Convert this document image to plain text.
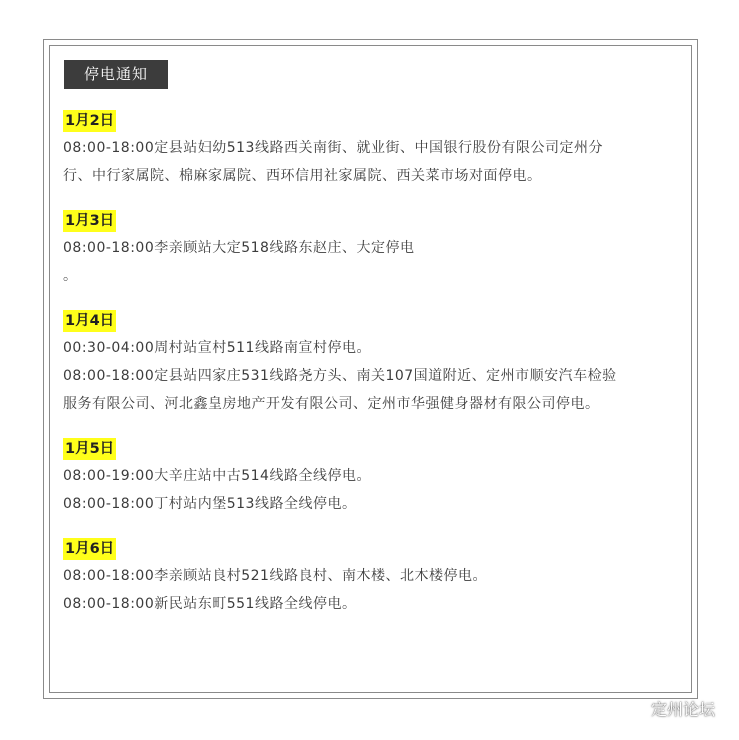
停电通知
1月2日
08:00-18:00定县站妇幼513线路西关南街、就业街、中国银行股份有限公司定州分
行、中行家属院、棉麻家属院、西环信用社家属院、西关菜市场对面停电。
1月3日
08:00-18:00李亲顾站大定518线路东赵庄、大定停电
。
1月4日
00:30-04:00周村站宣村511线路南宣村停电。
08:00-18:00定县站四家庄531线路尧方头、南关107国道附近、定州市顺安汽车检验
服务有限公司、河北鑫皇房地产开发有限公司、定州市华强健身器材有限公司停电。
1月5日
08:00-19:00大辛庄站中古514线路全线停电。
08:00-18:00丁村站内堡513线路全线停电。
1月6日
08:00-18:00李亲顾站良村521线路良村、南木楼、北木楼停电。
08:00-18:00新民站东町551线路全线停电。
定州论坛
